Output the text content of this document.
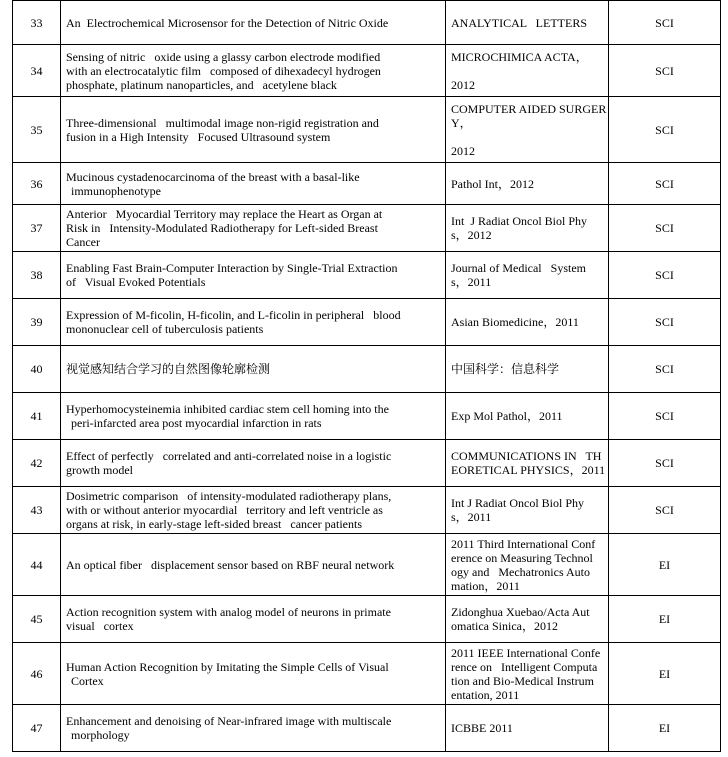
33	An  Electrochemical Microsensor for the Detection of Nitric Oxide	ANALYTICAL   LETTERS	SCI
34	Sensing of nitric   oxide using a glassy carbon electrode modified
with an electrocatalytic film   composed of dihexadecyl hydrogen
phosphate, platinum nanoparticles, and   acetylene black	MICROCHIMICA ACTA，
2012	SCI
35	Three-dimensional   multimodal image non-rigid registration and
fusion in a High Intensity   Focused Ultrasound system	COMPUTER AIDED SURGER
Y，
2012	SCI
36	Mucinous cystadenocarcinoma of the breast with a basal-like
immunophenotype	Pathol Int，2012	SCI
37	Anterior   Myocardial Territory may replace the Heart as Organ at
Risk in   Intensity-Modulated Radiotherapy for Left-sided Breast
Cancer	Int  J Radiat Oncol Biol Phy
s，2012	SCI
38	Enabling Fast Brain-Computer Interaction by Single-Trial Extraction
of   Visual Evoked Potentials	Journal of Medical   System
s，2011	SCI
39	Expression of M-ficolin, H-ficolin, and L-ficolin in peripheral   blood
mononuclear cell of tuberculosis patients	Asian Biomedicine，2011	SCI
40	视觉感知结合学习的自然图像轮廓检测	中国科学：信息科学	SCI
41	Hyperhomocysteinemia inhibited cardiac stem cell homing into the
peri-infarcted area post myocardial infarction in rats	Exp Mol Pathol，2011	SCI
42	Effect of perfectly   correlated and anti-correlated noise in a logistic
growth model	COMMUNICATIONS IN   TH
EORETICAL PHYSICS，2011	SCI
43	Dosimetric comparison   of intensity-modulated radiotherapy plans,
with or without anterior myocardial   territory and left ventricle as
organs at risk, in early-stage left-sided breast   cancer patients	Int J Radiat Oncol Biol Phy
s，2011	SCI
44	An optical fiber   displacement sensor based on RBF neural network	2011 Third International Conf
erence on Measuring Technol
ogy and   Mechatronics Auto
mation，2011	EI
45	Action recognition system with analog model of neurons in primate
visual   cortex	Zidonghua Xuebao/Acta Aut
omatica Sinica，2012	EI
46	Human Action Recognition by Imitating the Simple Cells of Visual
Cortex	2011 IEEE International Confe
rence on   Intelligent Computa
tion and Bio-Medical Instrum
entation, 2011	EI
47	Enhancement and denoising of Near-infrared image with multiscale
morphology	ICBBE 2011	EI
